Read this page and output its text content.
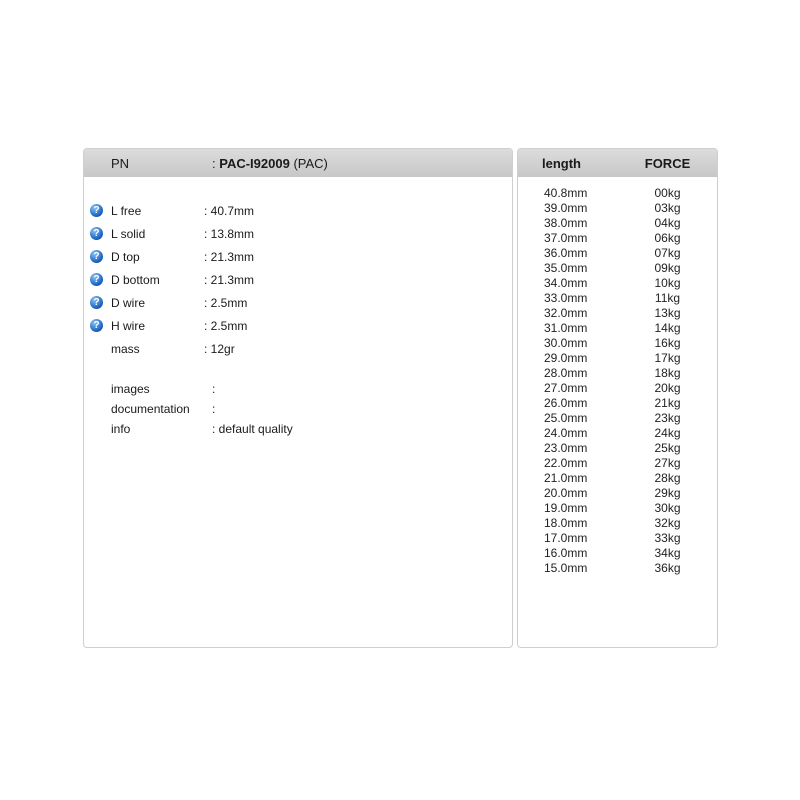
PN	: PAC-I92009 (PAC)
? L free	: 40.7mm
? L solid	: 13.8mm
? D top	: 21.3mm
? D bottom	: 21.3mm
? D wire	: 2.5mm
? H wire	: 2.5mm
mass	: 12gr
images	:
documentation	:
info	: default quality
length	FORCE
40.8mm	00kg
39.0mm	03kg
38.0mm	04kg
37.0mm	06kg
36.0mm	07kg
35.0mm	09kg
34.0mm	10kg
33.0mm	11kg
32.0mm	13kg
31.0mm	14kg
30.0mm	16kg
29.0mm	17kg
28.0mm	18kg
27.0mm	20kg
26.0mm	21kg
25.0mm	23kg
24.0mm	24kg
23.0mm	25kg
22.0mm	27kg
21.0mm	28kg
20.0mm	29kg
19.0mm	30kg
18.0mm	32kg
17.0mm	33kg
16.0mm	34kg
15.0mm	36kg
